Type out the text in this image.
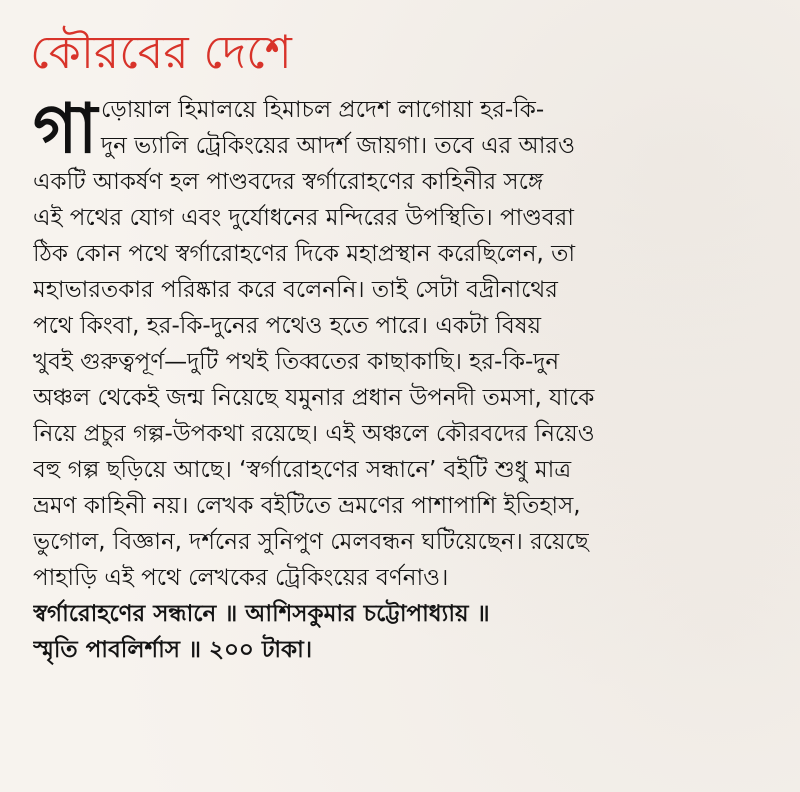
কৌরবের দেশে
গা ড়োয়াল হিমালয়ে হিমাচল প্রদেশ লাগোয়া হর-কি-
দুন ভ্যালি ট্রেকিংয়ের আদর্শ জায়গা। তবে এর আরও
একটি আকর্ষণ হল পাণ্ডবদের স্বর্গারোহণের কাহিনীর সঙ্গে
এই পথের যোগ এবং দুর্যোধনের মন্দিরের উপস্থিতি। পাণ্ডবরা
ঠিক কোন পথে স্বর্গারোহণের দিকে মহাপ্রস্থান করেছিলেন, তা
মহাভারতকার পরিষ্কার করে বলেননি। তাই সেটা বদ্রীনাথের
পথে কিংবা, হর-কি-দুনের পথেও হতে পারে। একটা বিষয়
খুবই গুরুত্বপূর্ণ—দুটি পথই তিব্বতের কাছাকাছি। হর-কি-দুন
অঞ্চল থেকেই জন্ম নিয়েছে যমুনার প্রধান উপনদী তমসা, যাকে
নিয়ে প্রচুর গল্প-উপকথা রয়েছে। এই অঞ্চলে কৌরবদের নিয়েও
বহু গল্প ছড়িয়ে আছে। ‘স্বর্গারোহণের সন্ধানে’ বইটি শুধু মাত্র
ভ্রমণ কাহিনী নয়। লেখক বইটিতে ভ্রমণের পাশাপাশি ইতিহাস,
ভুগোল, বিজ্ঞান, দর্শনের সুনিপুণ মেলবন্ধন ঘটিয়েছেন। রয়েছে
পাহাড়ি এই পথে লেখকের ট্রেকিংয়ের বর্ণনাও।
স্বর্গারোহণের সন্ধানে ॥ আশিসকুমার চট্টোপাধ্যায় ॥
স্মৃতি পাবলির্শাস ॥ ২০০ টাকা।
